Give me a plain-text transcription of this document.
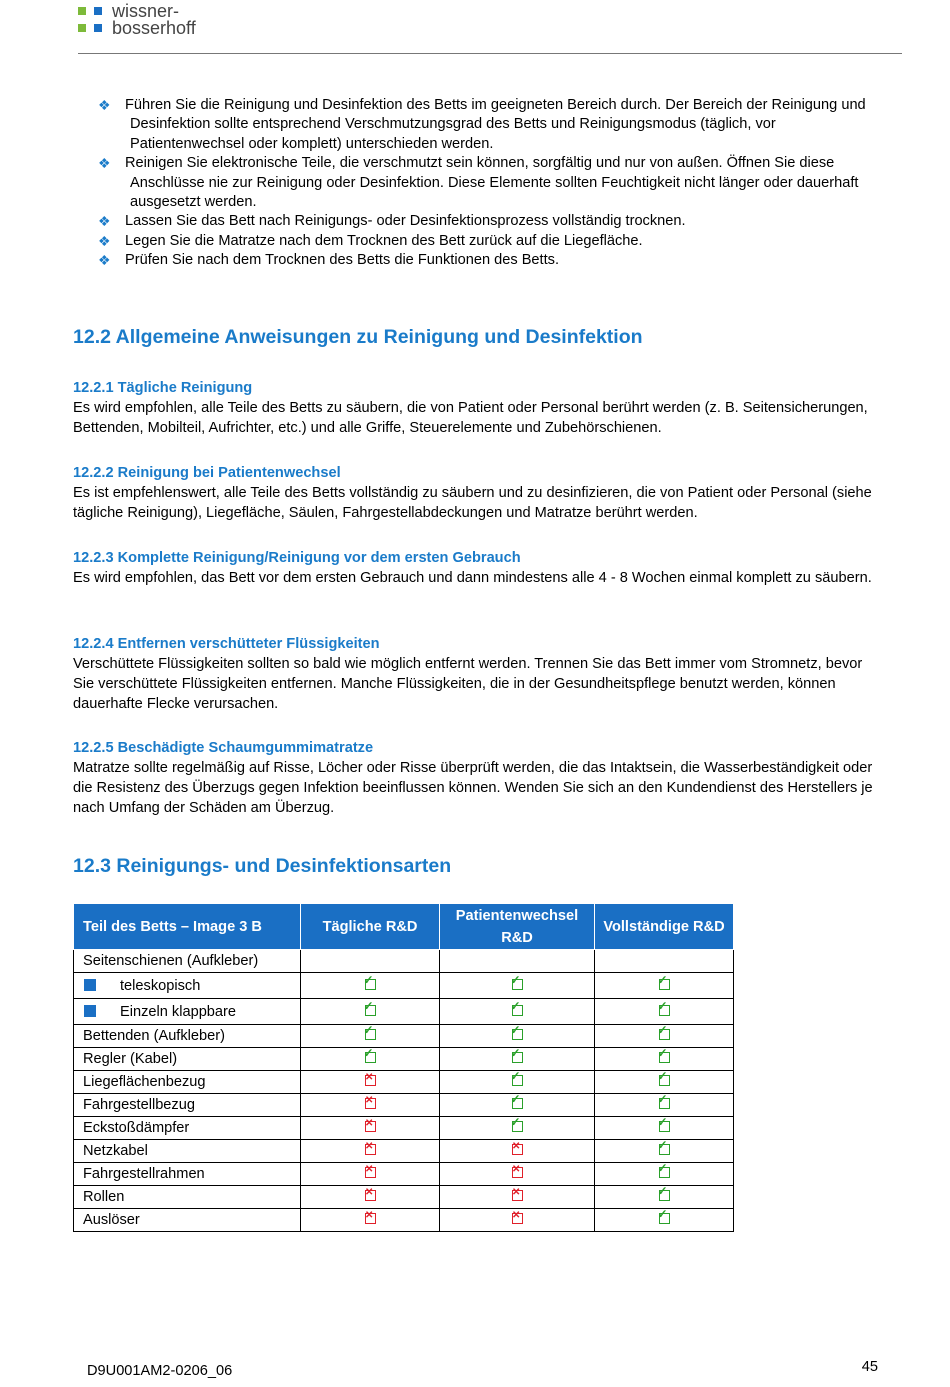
wissner-
bosserhoff
❖ Führen Sie die Reinigung und Desinfektion des Betts im geeigneten Bereich durch. Der Bereich der Reinigung und Desinfektion sollte entsprechend Verschmutzungsgrad des Betts und Reinigungsmodus (täglich, vor Patientenwechsel oder komplett) unterschieden werden.
❖ Reinigen Sie elektronische Teile, die verschmutzt sein können, sorgfältig und nur von außen. Öffnen Sie diese Anschlüsse nie zur Reinigung oder Desinfektion. Diese Elemente sollten Feuchtigkeit nicht länger oder dauerhaft ausgesetzt werden.
❖ Lassen Sie das Bett nach Reinigungs- oder Desinfektionsprozess vollständig trocknen.
❖ Legen Sie die Matratze nach dem Trocknen des Bett zurück auf die Liegefläche.
❖ Prüfen Sie nach dem Trocknen des Betts die Funktionen des Betts.
12.2 Allgemeine Anweisungen zu Reinigung und Desinfektion
12.2.1 Tägliche Reinigung
Es wird empfohlen, alle Teile des Betts zu säubern, die von Patient oder Personal berührt werden (z. B. Seitensicherungen, Bettenden, Mobilteil, Aufrichter, etc.) und alle Griffe, Steuerelemente und Zubehörschienen.
12.2.2 Reinigung bei Patientenwechsel
Es ist empfehlenswert, alle Teile des Betts vollständig zu säubern und zu desinfizieren, die von Patient oder Personal (siehe tägliche Reinigung), Liegefläche, Säulen, Fahrgestellabdeckungen und Matratze berührt werden.
12.2.3 Komplette Reinigung/Reinigung vor dem ersten Gebrauch
Es wird empfohlen, das Bett vor dem ersten Gebrauch und dann mindestens alle 4 - 8 Wochen einmal komplett zu säubern.
12.2.4 Entfernen verschütteter Flüssigkeiten
Verschüttete Flüssigkeiten sollten so bald wie möglich entfernt werden. Trennen Sie das Bett immer vom Stromnetz, bevor Sie verschüttete Flüssigkeiten entfernen. Manche Flüssigkeiten, die in der Gesundheitspflege benutzt werden, können dauerhafte Flecke verursachen.
12.2.5 Beschädigte Schaumgummimatratze
Matratze sollte regelmäßig auf Risse, Löcher oder Risse überprüft werden, die das Intaktsein, die Wasserbeständigkeit oder die Resistenz des Überzugs gegen Infektion beeinflussen können. Wenden Sie sich an den Kundendienst des Herstellers je nach Umfang der Schäden am Überzug.
12.3 Reinigungs- und Desinfektionsarten
Teil des Betts – Image 3 B	Tägliche R&D	Patientenwechsel R&D	Vollständige R&D
Seitenschienen (Aufkleber)			
teleskopisch	✓	✓	✓

Einzeln klappbare	✓	✓	✓

Bettenden (Aufkleber)	✓	✓	✓

Regler (Kabel)	✓	✓	✓

Liegeflächenbezug	✕	✓	✓

Fahrgestellbezug	✕	✓	✓

Eckstoßdämpfer	✕	✓	✓

Netzkabel	✕	✕	✓

Fahrgestellrahmen	✕	✕	✓

Rollen	✕	✕	✓

Auslöser	✕	✕	✓
D9U001AM2-0206_06	45
